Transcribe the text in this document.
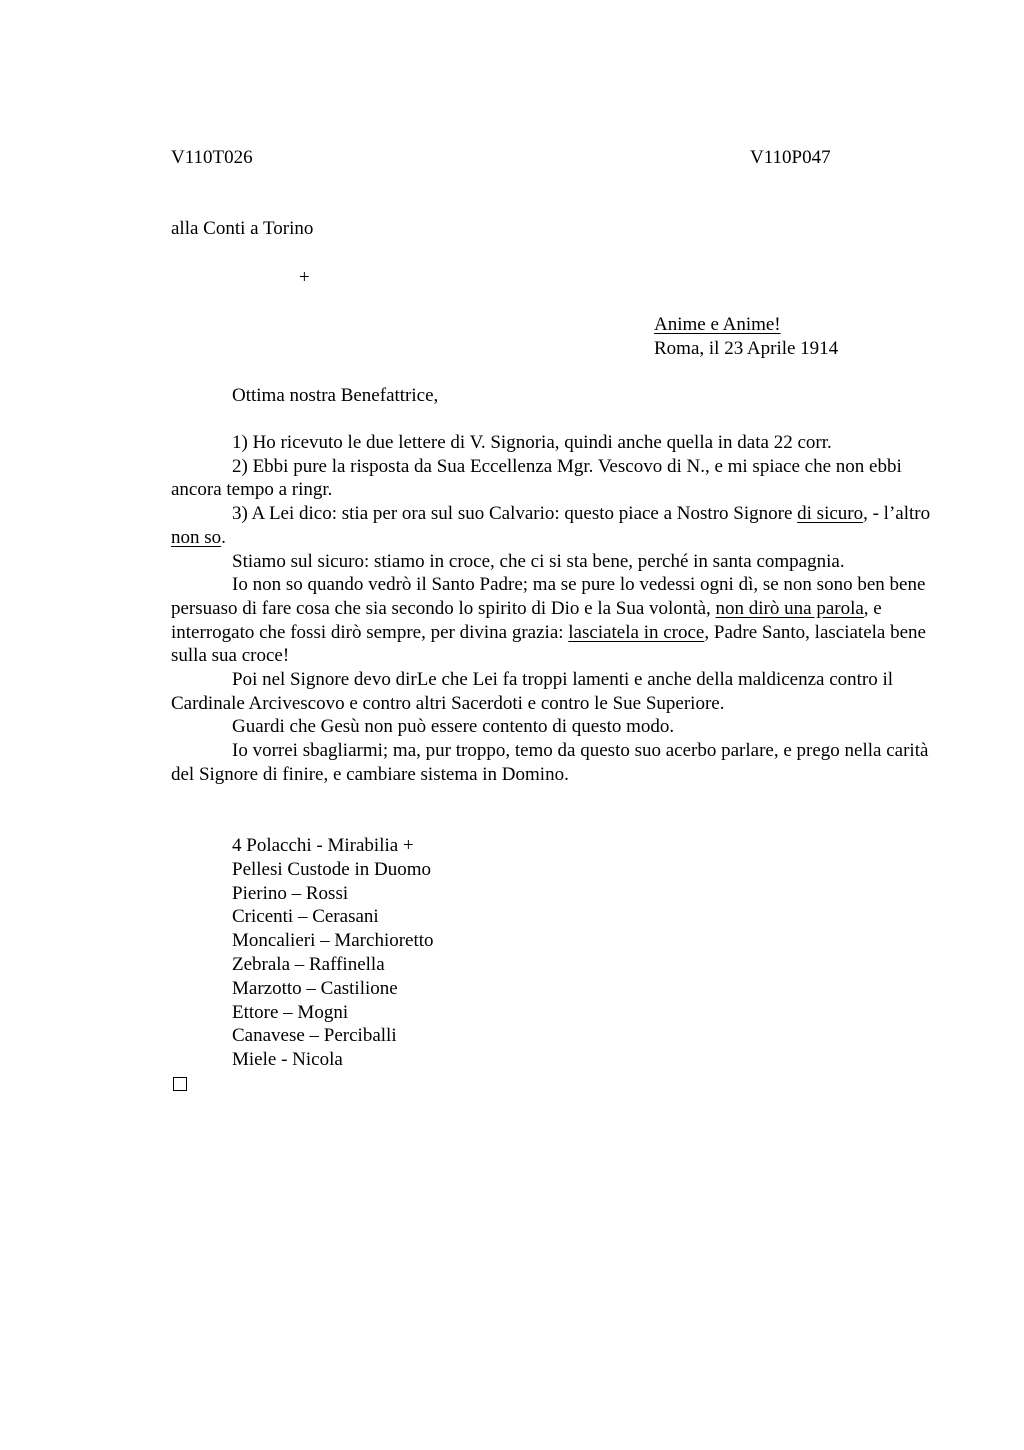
V110T026	V110P047
alla Conti a Torino
+
Anime e Anime!
Roma, il 23 Aprile 1914
Ottima nostra Benefattrice,

1) Ho ricevuto le due lettere di V. Signoria, quindi anche quella in data 22 corr.

2) Ebbi pure la risposta da Sua Eccellenza Mgr. Vescovo di N., e mi spiace che non ebbi ancora tempo a ringr.

3) A Lei dico: stia per ora sul suo Calvario: questo piace a Nostro Signore di sicuro, - l’altro non so.

Stiamo sul sicuro: stiamo in croce, che ci si sta bene, perché in santa compagnia.

Io non so quando vedrò il Santo Padre; ma se pure lo vedessi ogni dì, se non sono ben bene persuaso di fare cosa che sia secondo lo spirito di Dio e la Sua volontà, non dirò una parola, e interrogato che fossi dirò sempre, per divina grazia: lasciatela in croce, Padre Santo, lasciatela bene sulla sua croce!

Poi nel Signore devo dirLe che Lei fa troppi lamenti e anche della maldicenza contro il Cardinale Arcivescovo e contro altri Sacerdoti e contro le Sue Superiore.

Guardi che Gesù non può essere contento di questo modo.

Io vorrei sbagliarmi; ma, pur troppo, temo da questo suo acerbo parlare, e prego nella carità del Signore di finire, e cambiare sistema in Domino.

4 Polacchi - Mirabilia +
Pellesi Custode in Duomo
Pierino – Rossi
Cricenti – Cerasani
Moncalieri – Marchioretto
Zebrala – Raffinella
Marzotto – Castilione
Ettore – Mogni
Canavese – Perciballi
Miele - Nicola
